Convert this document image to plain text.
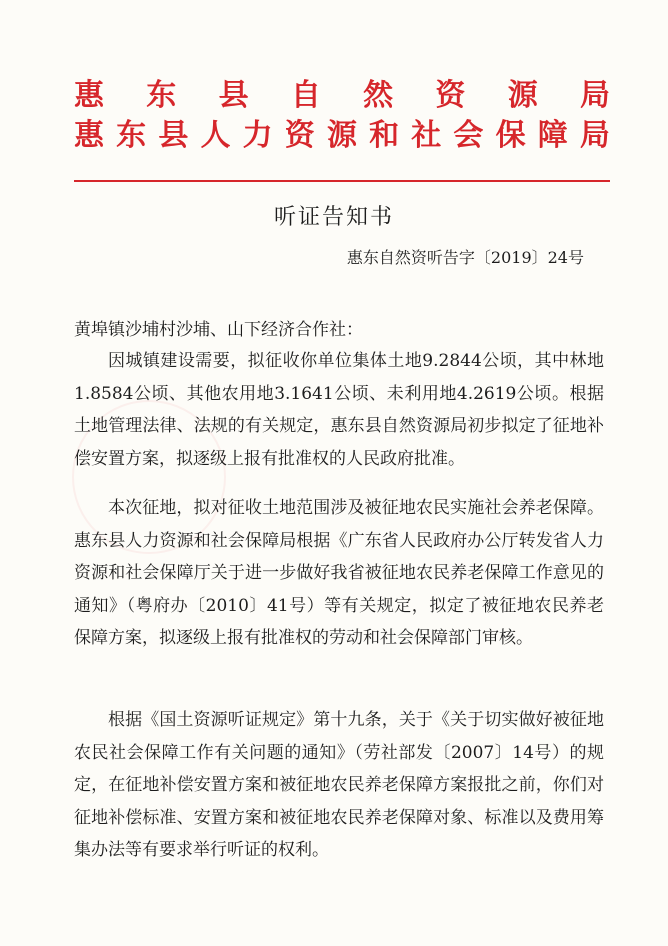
惠 东 县 自 然 资 源 局
惠 东 县 人 力 资 源 和 社 会 保 障 局
听证告知书
惠东自然资听告字〔2019〕24号
黄埠镇沙埔村沙埔、山下经济合作社：

因城镇建设需要，拟征收你单位集体土地9.2844公顷，其中林地1.8584公顷、其他农用地3.1641公顷、未利用地4.2619公顷。根据土地管理法律、法规的有关规定，惠东县自然资源局初步拟定了征地补偿安置方案，拟逐级上报有批准权的人民政府批准。

本次征地，拟对征收土地范围涉及被征地农民实施社会养老保障。惠东县人力资源和社会保障局根据《广东省人民政府办公厅转发省人力资源和社会保障厅关于进一步做好我省被征地农民养老保障工作意见的通知》（粤府办〔2010〕41号）等有关规定，拟定了被征地农民养老保障方案，拟逐级上报有批准权的劳动和社会保障部门审核。

根据《国土资源听证规定》第十九条，关于《关于切实做好被征地农民社会保障工作有关问题的通知》（劳社部发〔2007〕14号）的规定，在征地补偿安置方案和被征地农民养老保障方案报批之前，你们对征地补偿标准、安置方案和被征地农民养老保障对象、标准以及费用筹集办法等有要求举行听证的权利。
